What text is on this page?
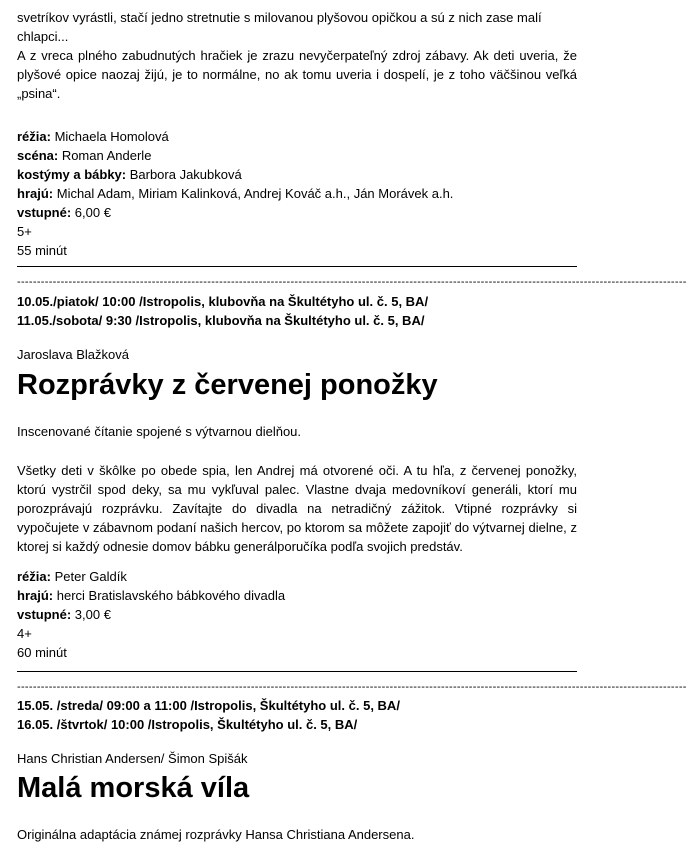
svetríkov vyrástli, stačí jedno stretnutie s milovanou plyšovou opičkou a sú z nich zase malí chlapci...

A z vreca plného zabudnutých hračiek je zrazu nevyčerpateľný zdroj zábavy. Ak deti uveria, že plyšové opice naozaj žijú, je to normálne, no ak tomu uveria i dospelí, je z toho väčšinou veľká „psina“.

réžia: Michaela Homolová

scéna: Roman Anderle

kostýmy a bábky: Barbora Jakubková

hrajú: Michal Adam, Miriam Kalinková, Andrej Kováč a.h., Ján Morávek a.h.

vstupné: 6,00 €

5+

55 minút

-------------------------------------------------------------------------------------------------------------------------------------------------------------------------

10.05./piatok/ 10:00 /Istropolis, klubovňa na Škultétyho ul. č. 5, BA/

11.05./sobota/ 9:30 /Istropolis, klubovňa na Škultétyho ul. č. 5, BA/

Jaroslava Blažková

Rozprávky z červenej ponožky

Inscenované čítanie spojené s výtvarnou dielňou.

Všetky deti v škôlke po obede spia, len Andrej má otvorené oči. A tu hľa, z červenej ponožky, ktorú vystrčil spod deky, sa mu vykľuval palec. Vlastne dvaja medovníkoví generáli, ktorí mu porozprávajú rozprávku. Zavítajte do divadla na netradičný zážitok. Vtipné rozprávky si vypočujete v zábavnom podaní našich hercov, po ktorom sa môžete zapojiť do výtvarnej dielne, z ktorej si každý odnesie domov bábku generálporučíka podľa svojich predstáv.

réžia: Peter Galdík

hrajú: herci Bratislavského bábkového divadla

vstupné: 3,00 €

4+

60 minút

-------------------------------------------------------------------------------------------------------------------------------------------------------------------------

15.05. /streda/ 09:00 a 11:00 /Istropolis, Škultétyho ul. č. 5, BA/

16.05. /štvrtok/ 10:00 /Istropolis, Škultétyho ul. č. 5, BA/

Hans Christian Andersen/ Šimon Spišák

Malá morská víla

Originálna adaptácia známej rozprávky Hansa Christiana Andersena.
